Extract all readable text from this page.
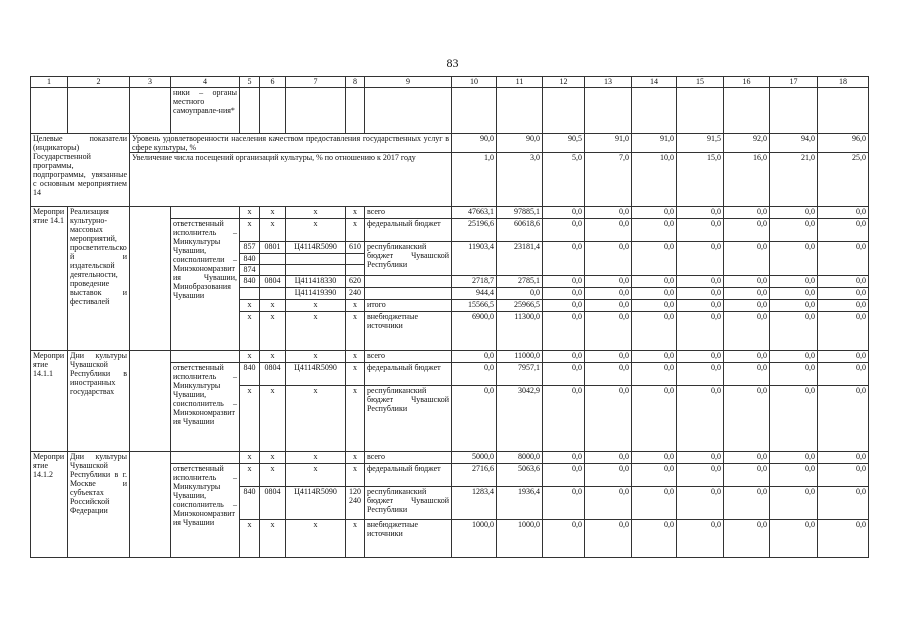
83
1	2	3	4	5	6	7	8	9	10	11	12	13	14	15	16	17	18
			ники – органы местного самоуправле-ния*														
Целевые показатели (индикаторы) Государственной программы, подпрограммы, увязанные с основным мероприятием 14		Уровень удовлетворенности населения качеством предоставления государственных услуг в сфере культуры, %							90,0	90,0	90,5	91,0	91,0	91,5	92,0	94,0	96,0
		Увеличение числа посещений организаций культуры, % по отношению к 2017 году							1,0	3,0	5,0	7,0	10,0	15,0	16,0	21,0	25,0
Мероприятие 14.1	Реализация культурно-массовых мероприятий, просветительской и издательской деятельности, проведение выставок и фестивалей			x	x	x	x	всего	47663,1	97885,1	0,0	0,0	0,0	0,0	0,0	0,0	0,0
			ответственный исполнитель – Минкультуры Чувашии, соисполнители – Минэкономразвития Чувашии, Минобразования Чувашии	x	x	x	x	федеральный бюджет	25196,6	60618,6	0,0	0,0	0,0	0,0	0,0	0,0	0,0
				857	0801	Ц4114R5090	610	республиканский бюджет Чувашской Республики	11903,4	23181,4	0,0	0,0	0,0	0,0	0,0	0,0	0,0
				840													
				874													
				840	0804	Ц411418330	620		2718,7	2785,1	0,0	0,0	0,0	0,0	0,0	0,0	0,0
						Ц411419390	240		944,4	0,0	0,0	0,0	0,0	0,0	0,0	0,0	0,0
				x	x	x	x	итого	15566,5	25966,5	0,0	0,0	0,0	0,0	0,0	0,0	0,0
				x	x	x	x	внебюджетные источники	6900,0	11300,0	0,0	0,0	0,0	0,0	0,0	0,0	0,0
Мероприятие 14.1.1	Дни культуры Чувашской Республики в иностранных государствах			x	x	x	x	всего	0,0	11000,0	0,0	0,0	0,0	0,0	0,0	0,0	0,0
			ответственный исполнитель – Минкультуры Чувашии, соисполнитель – Минэкономразвития Чувашии	840	0804	Ц4114R5090	x	федеральный бюджет	0,0	7957,1	0,0	0,0	0,0	0,0	0,0	0,0	0,0
				x	x	x	x	республиканский бюджет Чувашской Республики	0,0	3042,9	0,0	0,0	0,0	0,0	0,0	0,0	0,0
Мероприятие 14.1.2	Дни культуры Чувашской Республики в г. Москве и субъектах Российской Федерации			x	x	x	x	всего	5000,0	8000,0	0,0	0,0	0,0	0,0	0,0	0,0	0,0
			ответственный исполнитель – Минкультуры Чувашии, соисполнитель – Минэкономразвития Чувашии	x	x	x	x	федеральный бюджет	2716,6	5063,6	0,0	0,0	0,0	0,0	0,0	0,0	0,0
				840	0804	Ц4114R5090	120 240	республиканский бюджет Чувашской Республики	1283,4	1936,4	0,0	0,0	0,0	0,0	0,0	0,0	0,0
				x	x	x	x	внебюджетные источники	1000,0	1000,0	0,0	0,0	0,0	0,0	0,0	0,0	0,0
